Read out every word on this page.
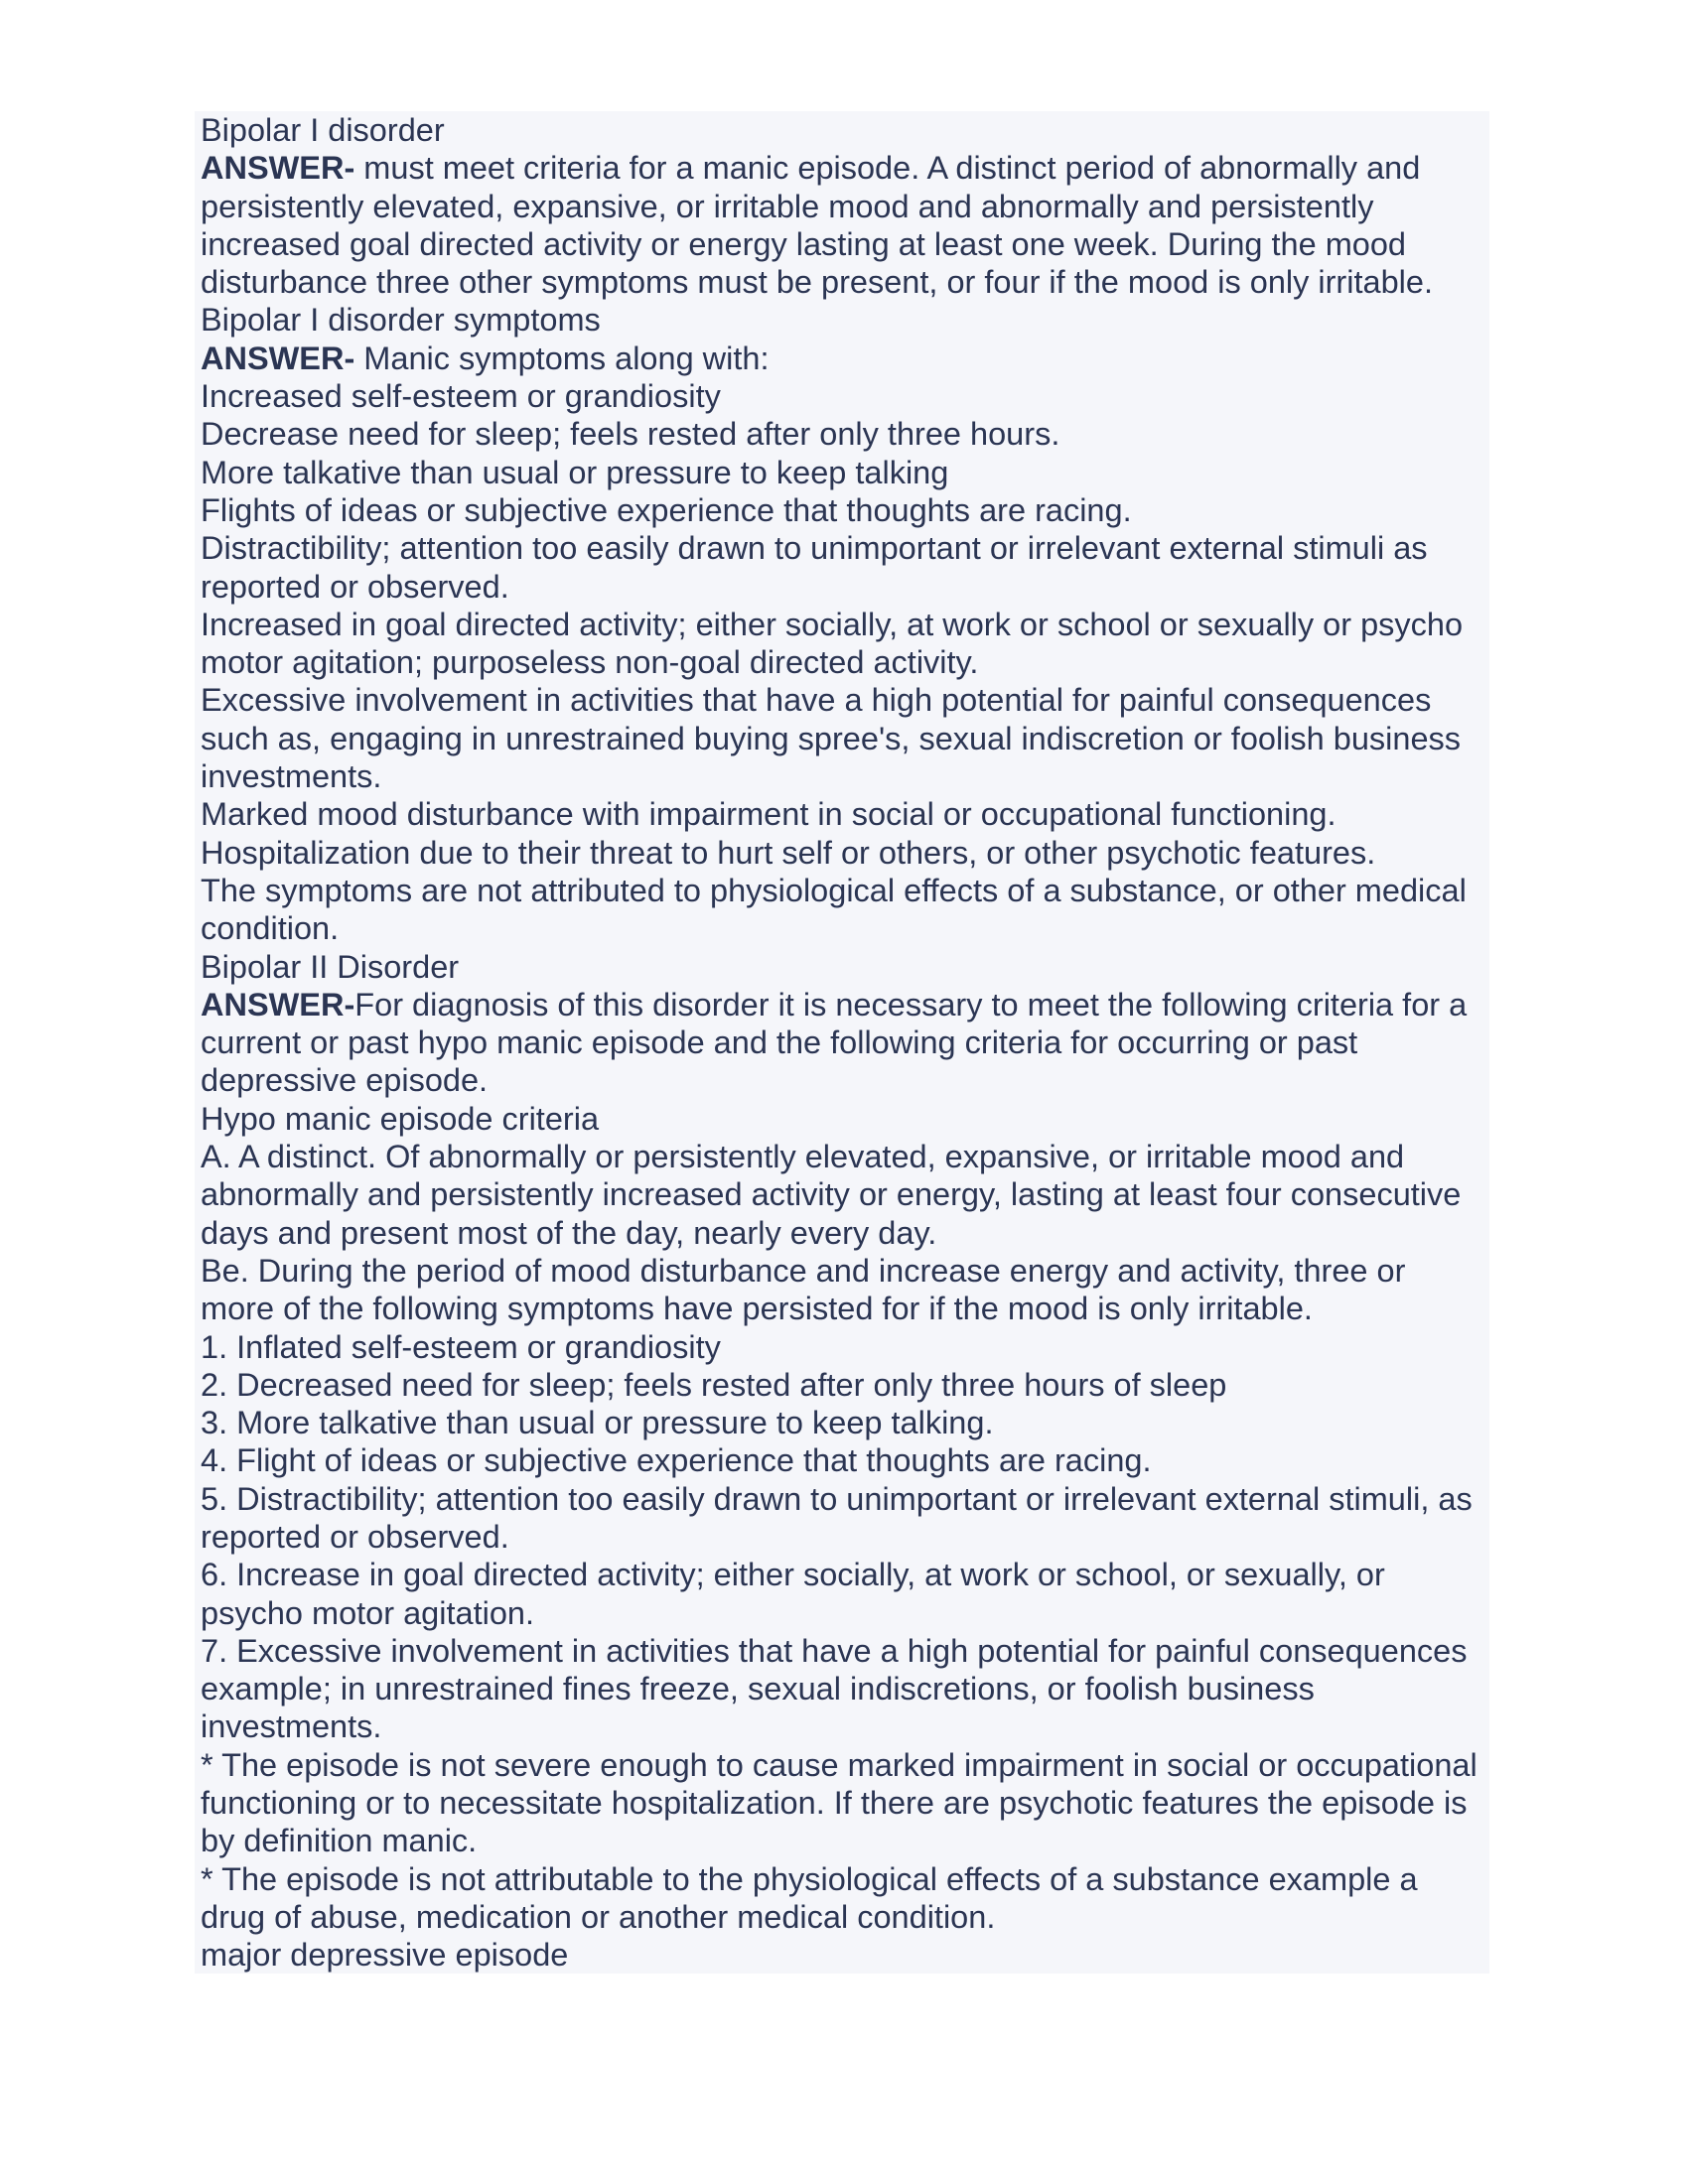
Bipolar I disorder

ANSWER- must meet criteria for a manic episode. A distinct period of abnormally and persistently elevated, expansive, or irritable mood and abnormally and persistently increased goal directed activity or energy lasting at least one week. During the mood disturbance three other symptoms must be present, or four if the mood is only irritable.

Bipolar I disorder symptoms

ANSWER- Manic symptoms along with:

Increased self-esteem or grandiosity

Decrease need for sleep; feels rested after only three hours.

More talkative than usual or pressure to keep talking

Flights of ideas or subjective experience that thoughts are racing.

Distractibility; attention too easily drawn to unimportant or irrelevant external stimuli as reported or observed.

Increased in goal directed activity; either socially, at work or school or sexually or psycho motor agitation; purposeless non-goal directed activity.

Excessive involvement in activities that have a high potential for painful consequences such as, engaging in unrestrained buying spree's, sexual indiscretion or foolish business investments.

Marked mood disturbance with impairment in social or occupational functioning.

Hospitalization due to their threat to hurt self or others, or other psychotic features.

The symptoms are not attributed to physiological effects of a substance, or other medical condition.

Bipolar II Disorder

ANSWER-For diagnosis of this disorder it is necessary to meet the following criteria for a current or past hypo manic episode and the following criteria for occurring or past depressive episode.

Hypo manic episode criteria

A. A distinct. Of abnormally or persistently elevated, expansive, or irritable mood and abnormally and persistently increased activity or energy, lasting at least four consecutive days and present most of the day, nearly every day.

Be. During the period of mood disturbance and increase energy and activity, three or more of the following symptoms have persisted for if the mood is only irritable.

1. Inflated self-esteem or grandiosity

2. Decreased need for sleep; feels rested after only three hours of sleep

3. More talkative than usual or pressure to keep talking.

4. Flight of ideas or subjective experience that thoughts are racing.

5. Distractibility; attention too easily drawn to unimportant or irrelevant external stimuli, as reported or observed.

6. Increase in goal directed activity; either socially, at work or school, or sexually, or psycho motor agitation.

7. Excessive involvement in activities that have a high potential for painful consequences example; in unrestrained fines freeze, sexual indiscretions, or foolish business investments.

* The episode is not severe enough to cause marked impairment in social or occupational functioning or to necessitate hospitalization. If there are psychotic features the episode is by definition manic.

* The episode is not attributable to the physiological effects of a substance example a drug of abuse, medication or another medical condition.

major depressive episode
